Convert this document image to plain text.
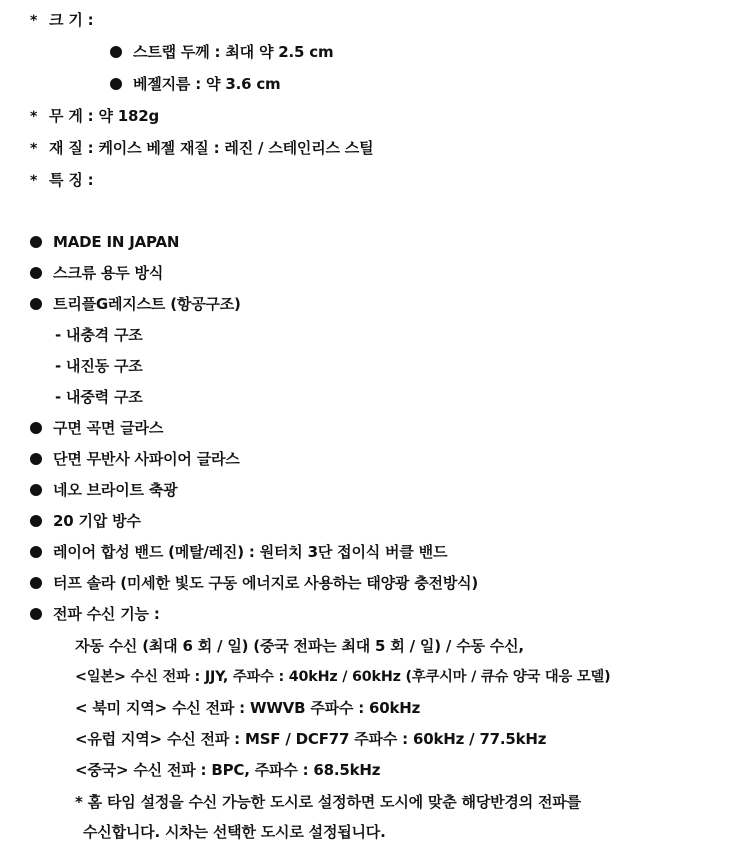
* 크 기 :
스트랩 두께 : 최대 약 2.5 cm
베젤지름 : 약 3.6 cm
* 무 게 : 약 182g
* 재 질 : 케이스 베젤 재질 : 레진 / 스테인리스 스틸
* 특 징 :
MADE IN JAPAN
스크류 용두 방식
트리플G레지스트 (항공구조)
- 내충격 구조
- 내진동 구조
- 내중력 구조
구면 곡면 글라스
단면 무반사 사파이어 글라스
네오 브라이트 축광
20 기압 방수
레이어 합성 밴드 (메탈/레진) : 원터치 3단 접이식 버클 밴드
터프 솔라 (미세한 빛도 구동 에너지로 사용하는 태양광 충전방식)
전파 수신 기능 :
자동 수신 (최대 6 회 / 일) (중국 전파는 최대 5 회 / 일) / 수동 수신,
<일본> 수신 전파 : JJY, 주파수 : 40kHz / 60kHz (후쿠시마 / 큐슈 양국 대응 모델)
< 북미 지역> 수신 전파 : WWVB 주파수 : 60kHz
<유럽 지역> 수신 전파 : MSF / DCF77 주파수 : 60kHz / 77.5kHz
<중국> 수신 전파 : BPC, 주파수 : 68.5kHz
* 홈 타임 설정을 수신 가능한 도시로 설정하면 도시에 맞춘 해당반경의 전파를
수신합니다. 시차는 선택한 도시로 설정됩니다.
